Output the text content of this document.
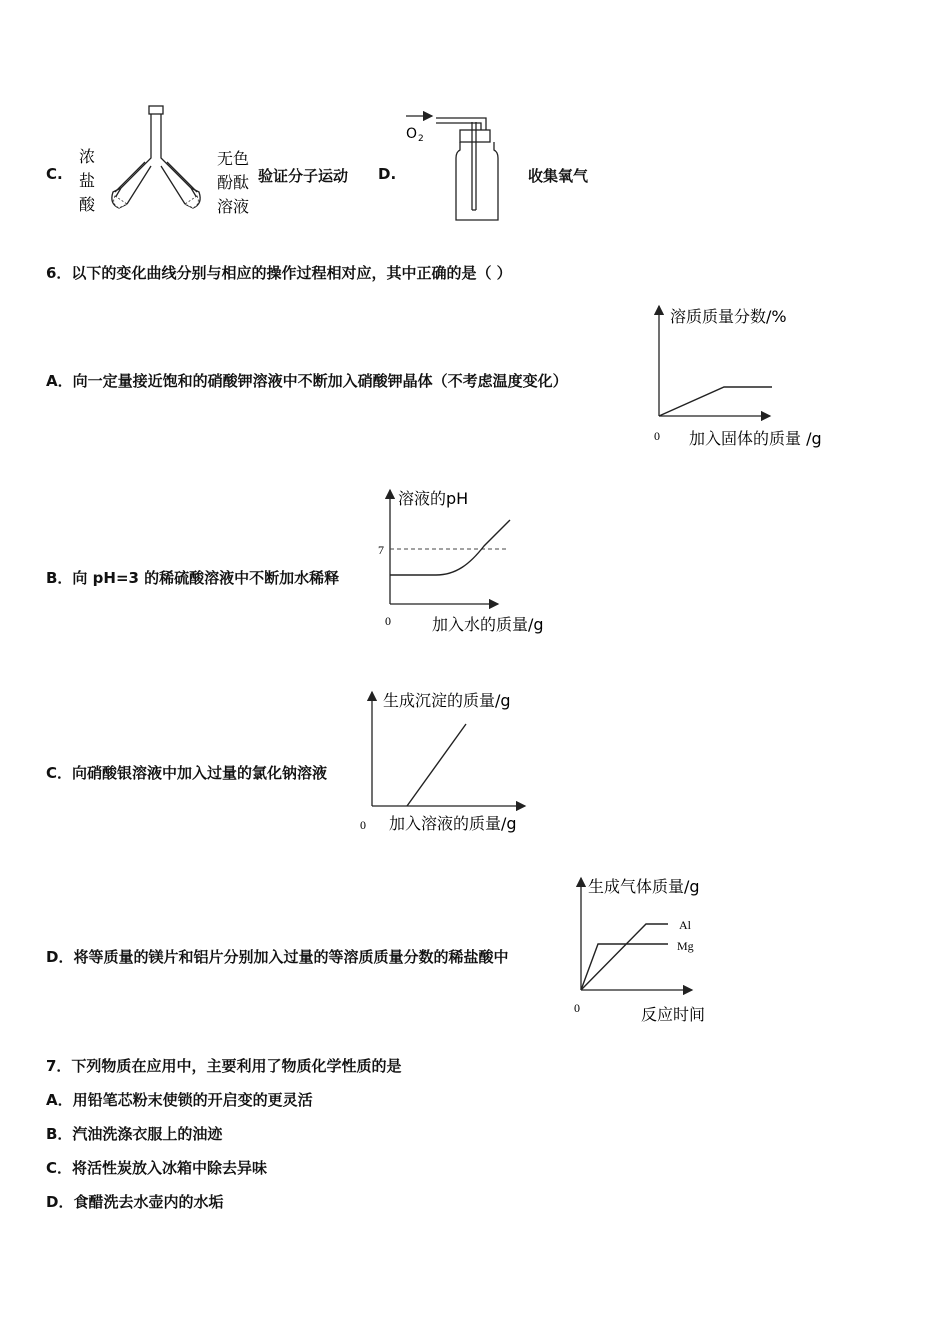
C.
浓
盐
酸
无色
酚酞
溶液
验证分子运动 D.
O 2
收集氧气
6．以下的变化曲线分别与相应的操作过程相对应，其中正确的是（ ）
A．向一定量接近饱和的硝酸钾溶液中不断加入硝酸钾晶体（不考虑温度变化）
溶质质量分数/%
0 加入固体的质量 /g
B．向 pH=3 的稀硫酸溶液中不断加水稀释
7
溶液的pH
0	加入水的质量/g
C．向硝酸银溶液中加入过量的氯化钠溶液
生成沉淀的质量/g
0 加入溶液的质量/g
D．将等质量的镁片和铝片分别加入过量的等溶质质量分数的稀盐酸中
生成气体质量/g
Al
Mg
0	反应时间
7．下列物质在应用中，主要利用了物质化学性质的是
A．用铅笔芯粉末使锁的开启变的更灵活
B．汽油洗涤衣服上的油迹
C．将活性炭放入冰箱中除去异味
D．食醋洗去水壶内的水垢
